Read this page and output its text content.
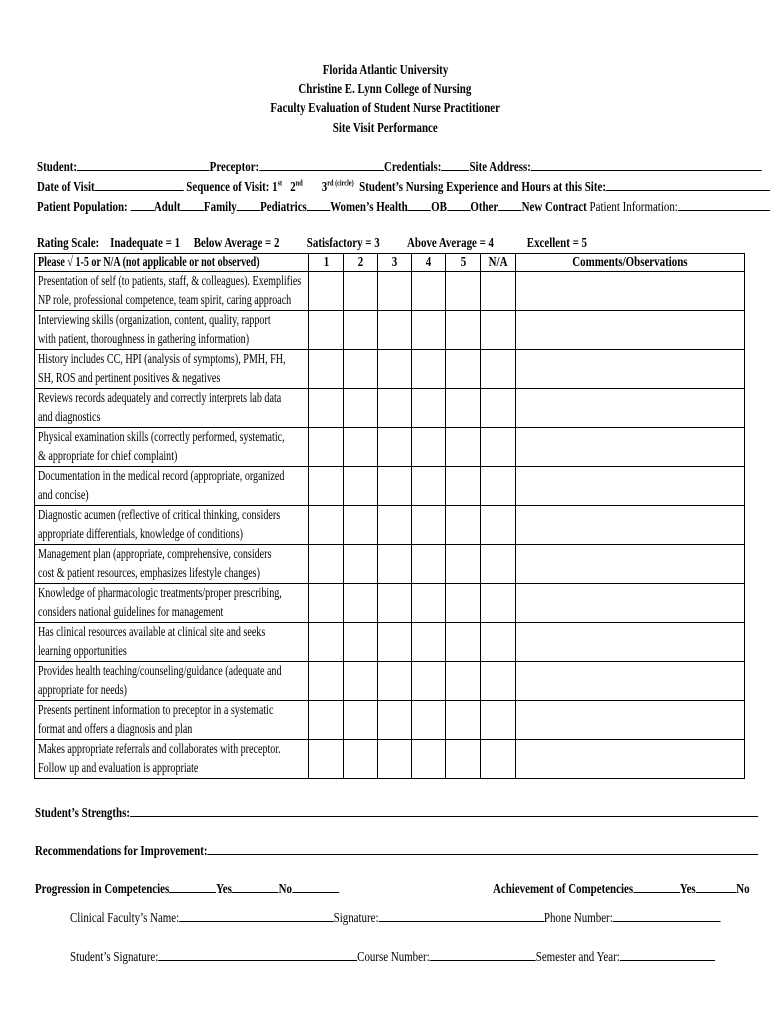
Florida Atlantic University
Christine E. Lynn College of Nursing
Faculty Evaluation of Student Nurse Practitioner
Site Visit Performance
Student:	Preceptor:	Credentials: Site Address:
Date of Visit	Sequence of Visit: 1st 2nd $3^{rd (circle)}$ Student’s Nursing Experience and Hours at this Site:
Patient Population: Adult Family Pediatrics Women’s Health OB Other New Contract Patient Information:
Rating Scale: Inadequate = 1 Below Average = 2 Satisfactory = 3 Above Average = 4 Excellent = 5
Please √ 1-5 or N/A (not applicable or not observed)	1	2	3	4	5	N/A	Comments/Observations

Presentation of self (to patients, staff, & colleagues). Exemplifies
NP role, professional competence, team spirit, caring approach							

Interviewing skills (organization, content, quality, rapport
with patient, thoroughness in gathering information)							

History includes CC, HPI (analysis of symptoms), PMH, FH,
SH, ROS and pertinent positives & negatives							

Reviews records adequately and correctly interprets lab data
and diagnostics							

Physical examination skills (correctly performed, systematic,
& appropriate for chief complaint)							

Documentation in the medical record (appropriate, organized
and concise)							

Diagnostic acumen (reflective of critical thinking, considers
appropriate differentials, knowledge of conditions)							

Management plan (appropriate, comprehensive, considers
cost & patient resources, emphasizes lifestyle changes)							

Knowledge of pharmacologic treatments/proper prescribing,
considers national guidelines for management							

Has clinical resources available at clinical site and seeks
learning opportunities							

Provides health teaching/counseling/guidance (adequate and
appropriate for needs)							

Presents pertinent information to preceptor in a systematic
format and offers a diagnosis and plan							

Makes appropriate referrals and collaborates with preceptor.
Follow up and evaluation is appropriate							

Student’s Strengths:
Recommendations for Improvement:
Progression in Competencies	Yes	No	Achievement of Competencies	Yes	No
Clinical Faculty’s Name:	Signature:	Phone Number:
Student’s Signature:	Course Number:	Semester and Year:
